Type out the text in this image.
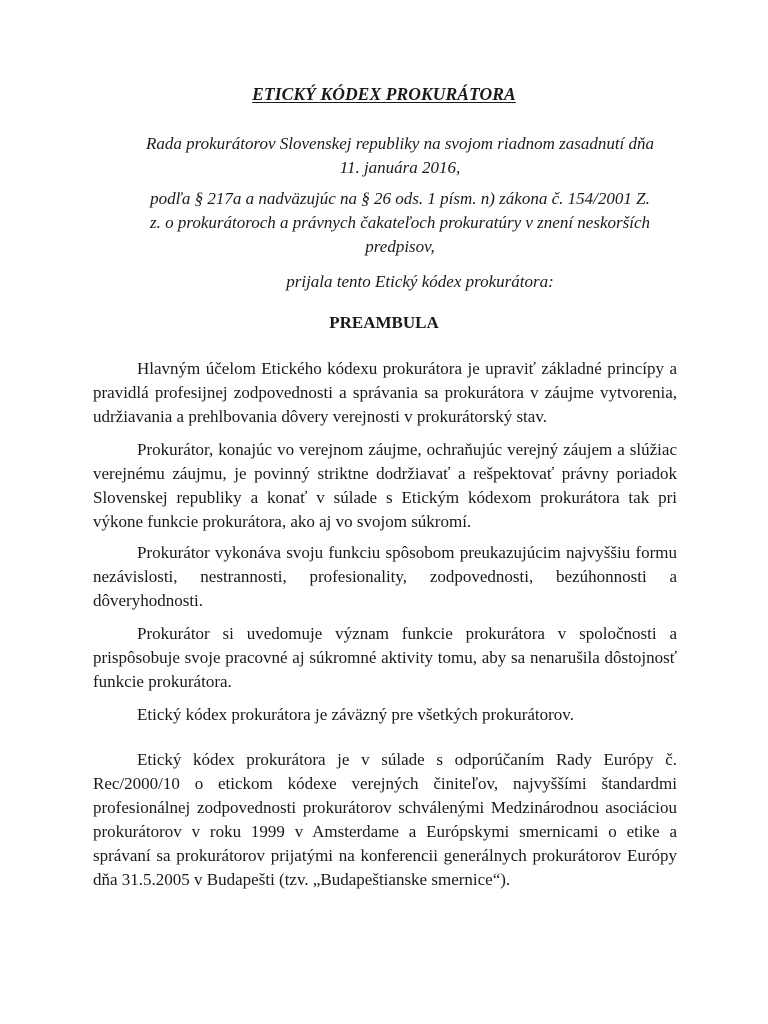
ETICKÝ KÓDEX PROKURÁTORA
Rada prokurátorov Slovenskej republiky na svojom riadnom zasadnutí dňa
11. januára 2016,
podľa § 217a a nadväzujúc na § 26 ods. 1 písm. n) zákona č. 154/2001 Z.
z. o prokurátoroch a právnych čakateľoch prokuratúry v znení neskorších
predpisov,
prijala tento Etický kódex prokurátora:
PREAMBULA

Hlavným účelom Etického kódexu prokurátora je upraviť základné princípy a pravidlá profesijnej zodpovednosti a správania sa prokurátora v záujme vytvorenia, udržiavania a prehlbovania dôvery verejnosti v prokurátorský stav.

Prokurátor, konajúc vo verejnom záujme, ochraňujúc verejný záujem a slúžiac verejnému záujmu, je povinný striktne dodržiavať a rešpektovať právny poriadok Slovenskej republiky a konať v súlade s Etickým kódexom prokurátora tak pri výkone funkcie prokurátora, ako aj vo svojom súkromí.

Prokurátor vykonáva svoju funkciu spôsobom preukazujúcim najvyššiu formu nezávislosti, nestrannosti, profesionality, zodpovednosti, bezúhonnosti a dôveryhodnosti.

Prokurátor si uvedomuje význam funkcie prokurátora v spoločnosti a prispôsobuje svoje pracovné aj súkromné aktivity tomu, aby sa nenarušila dôstojnosť funkcie prokurátora.

Etický kódex prokurátora je záväzný pre všetkých prokurátorov.

Etický kódex prokurátora je v súlade s odporúčaním Rady Európy č. Rec/2000/10 o etickom kódexe verejných činiteľov, najvyššími štandardmi profesionálnej zodpovednosti prokurátorov schválenými Medzinárodnou asociáciou prokurátorov v roku 1999 v Amsterdame a Európskymi smernicami o etike a správaní sa prokurátorov prijatými na konferencii generálnych prokurátorov Európy dňa 31.5.2005 v Budapešti (tzv. „Budapeštianske smernice“).
